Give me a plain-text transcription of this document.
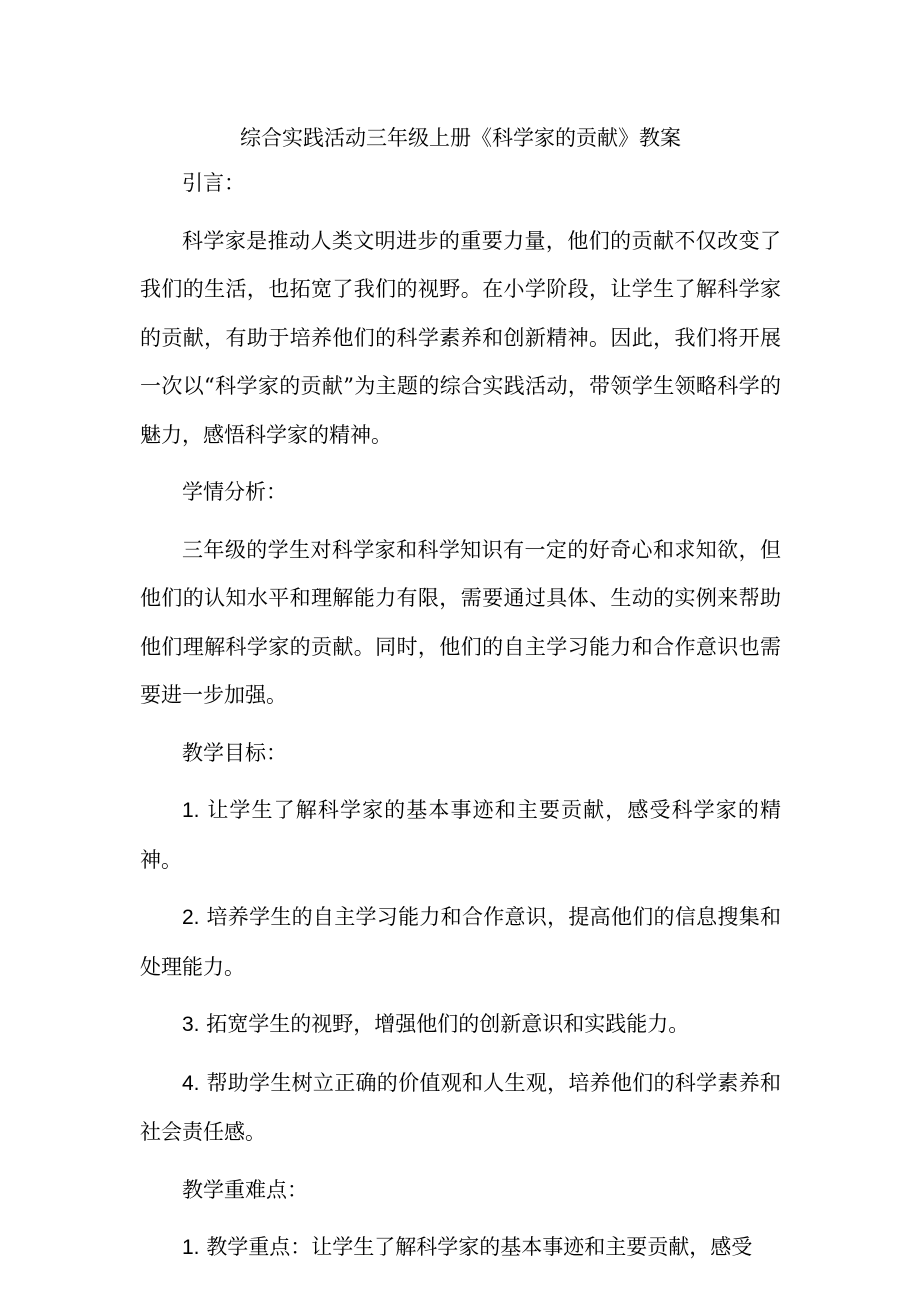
综合实践活动三年级上册《科学家的贡献》教案
引言：

科学家是推动人类文明进步的重要力量，他们的贡献不仅改变了我们的生活，也拓宽了我们的视野。在小学阶段，让学生了解科学家的贡献，有助于培养他们的科学素养和创新精神。因此，我们将开展一次以“科学家的贡献”为主题的综合实践活动，带领学生领略科学的魅力，感悟科学家的精神。

学情分析：

三年级的学生对科学家和科学知识有一定的好奇心和求知欲，但他们的认知水平和理解能力有限，需要通过具体、生动的实例来帮助他们理解科学家的贡献。同时，他们的自主学习能力和合作意识也需要进一步加强。

教学目标：

1. 让学生了解科学家的基本事迹和主要贡献，感受科学家的精神。

2. 培养学生的自主学习能力和合作意识，提高他们的信息搜集和处理能力。

3. 拓宽学生的视野，增强他们的创新意识和实践能力。

4. 帮助学生树立正确的价值观和人生观，培养他们的科学素养和社会责任感。

教学重难点：

1. 教学重点：让学生了解科学家的基本事迹和主要贡献，感受
